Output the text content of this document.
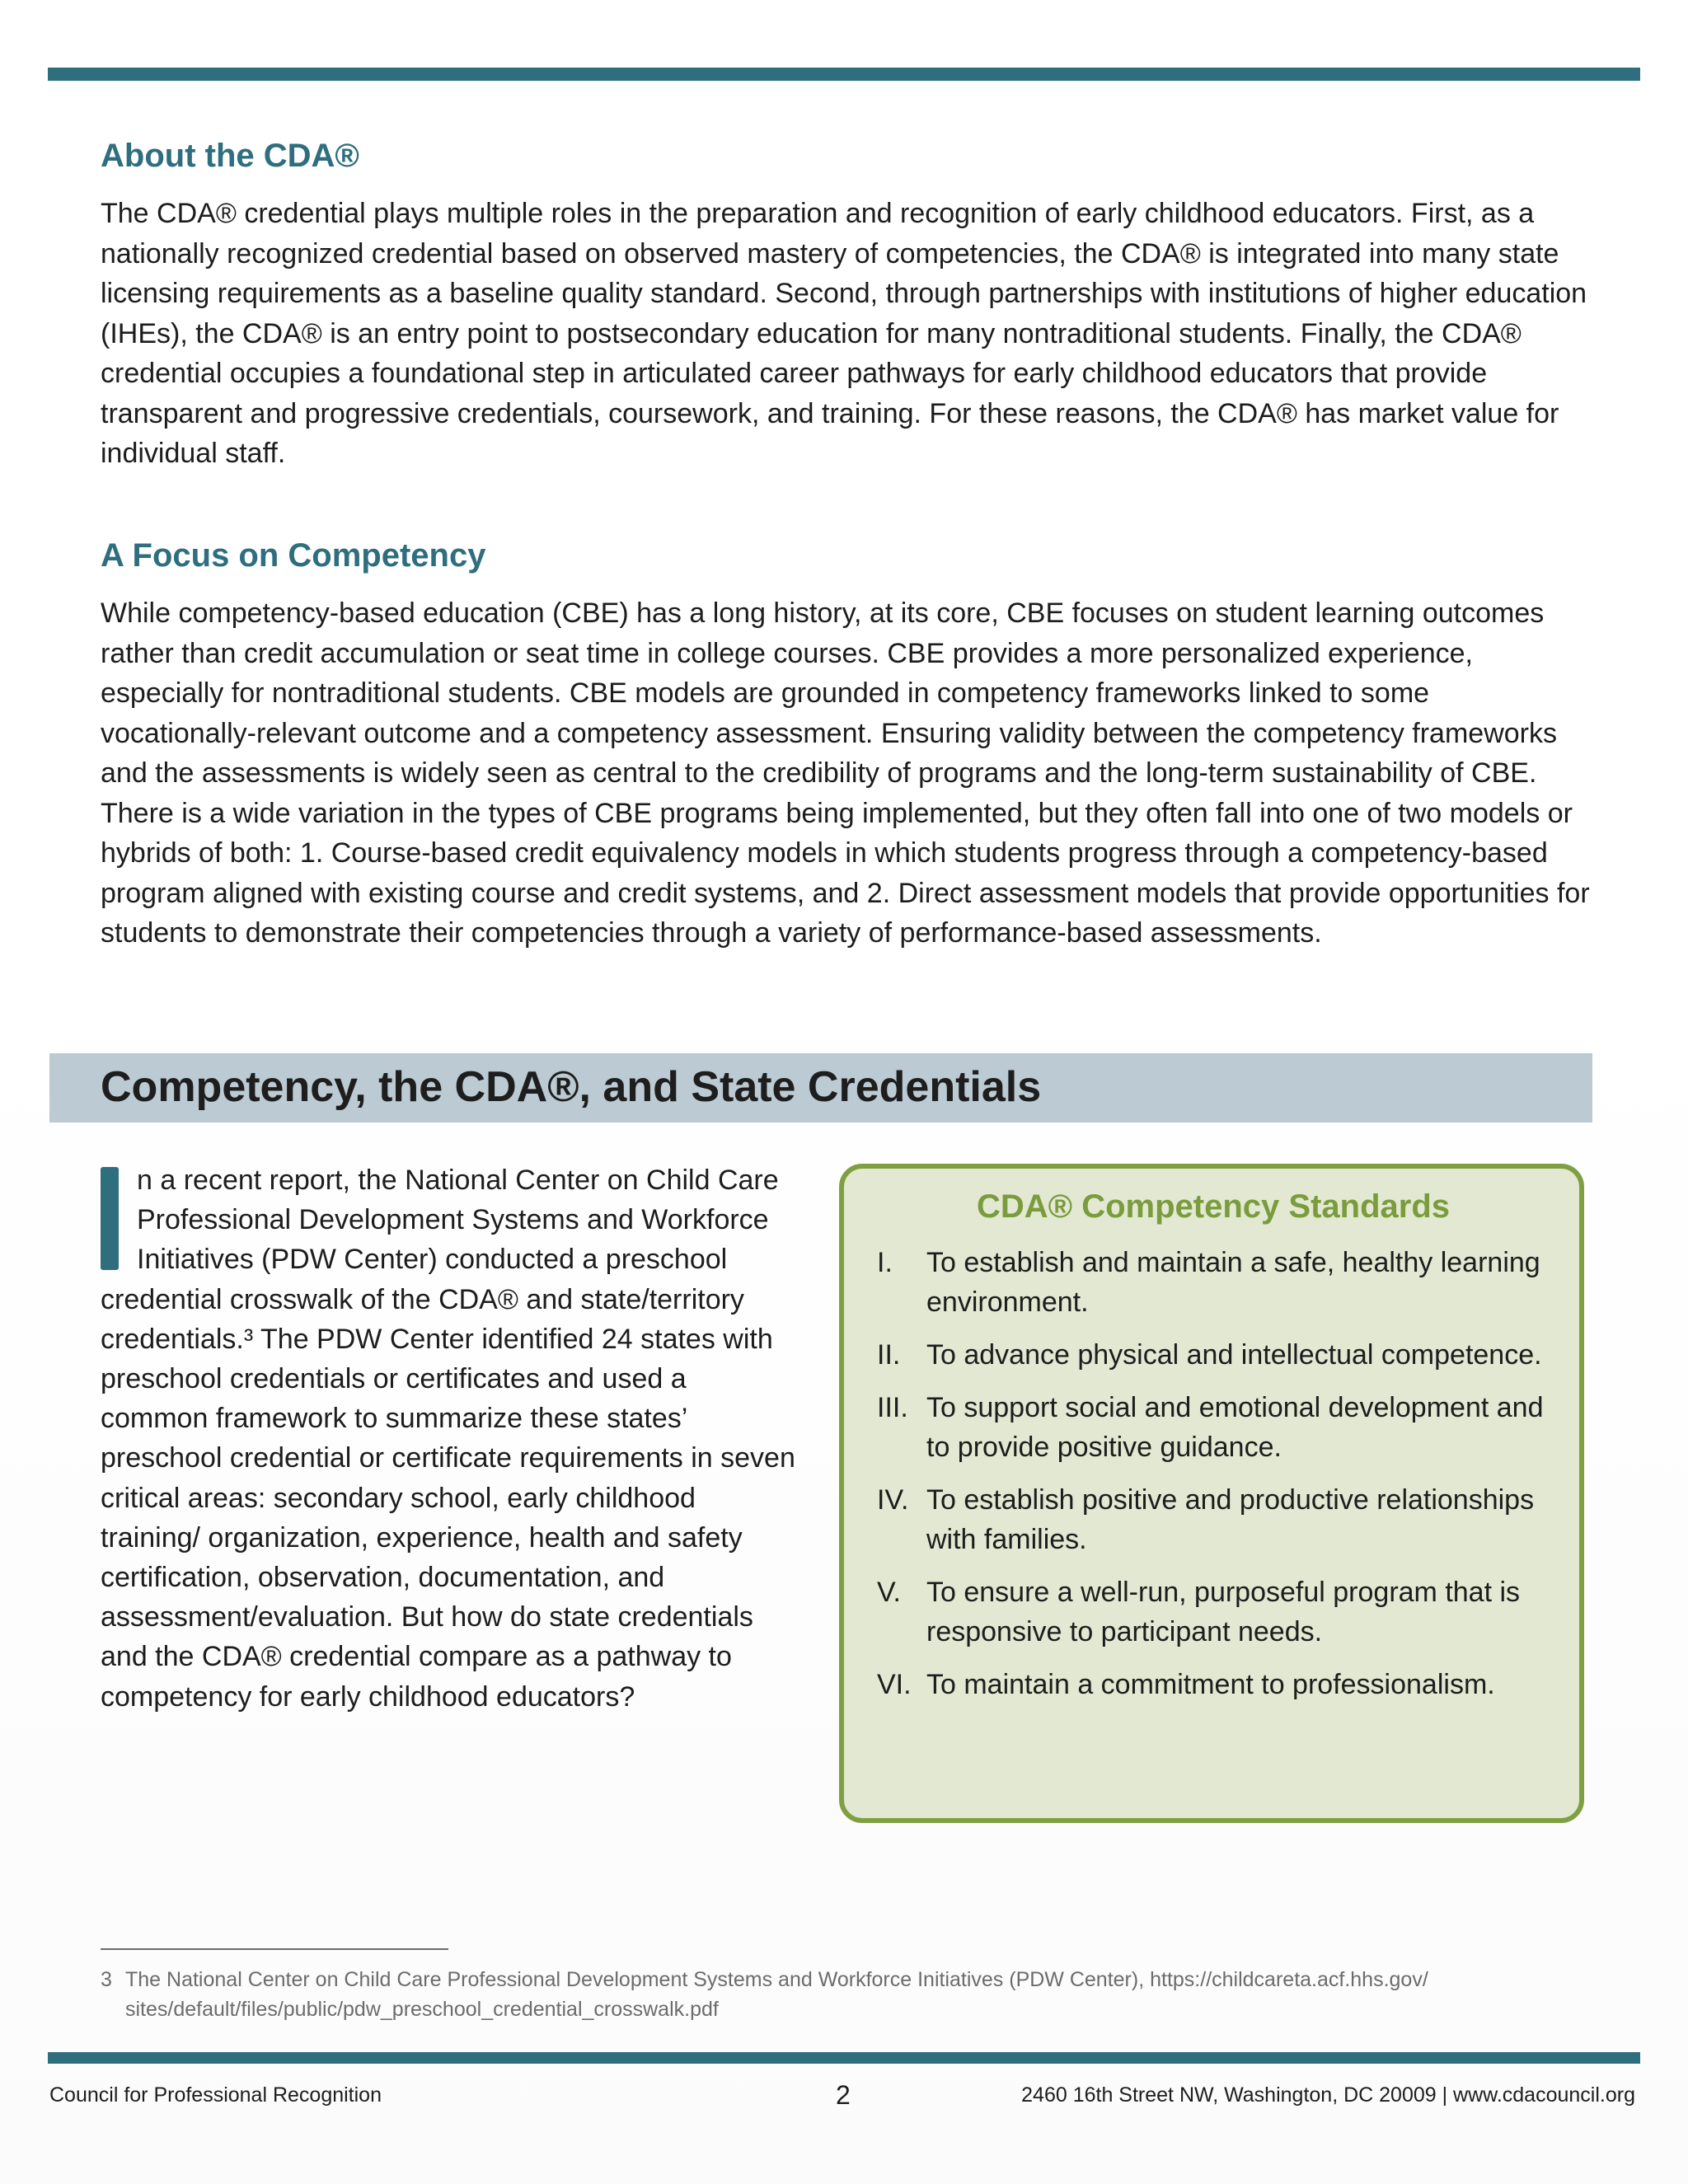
About the CDA®

The CDA® credential plays multiple roles in the preparation and recognition of early childhood educators. First, as a nationally recognized credential based on observed mastery of competencies, the CDA® is integrated into many state licensing requirements as a baseline quality standard. Second, through partnerships with institutions of higher education (IHEs), the CDA® is an entry point to postsecondary education for many nontraditional students. Finally, the CDA® credential occupies a foundational step in articulated career pathways for early childhood educators that provide transparent and progressive credentials, coursework, and training. For these reasons, the CDA® has market value for individual staff.

A Focus on Competency

While competency-based education (CBE) has a long history, at its core, CBE focuses on student learning outcomes rather than credit accumulation or seat time in college courses. CBE provides a more personalized experience, especially for nontraditional students. CBE models are grounded in competency frameworks linked to some vocationally-relevant outcome and a competency assessment. Ensuring validity between the competency frameworks and the assessments is widely seen as central to the credibility of programs and the long-term sustainability of CBE. There is a wide variation in the types of CBE programs being implemented, but they often fall into one of two models or hybrids of both: 1. Course-based credit equivalency models in which students progress through a competency-based program aligned with existing course and credit systems, and 2. Direct assessment models that provide opportunities for students to demonstrate their competencies through a variety of performance-based assessments.

Competency, the CDA®, and State Credentials
n a recent report, the National Center on Child Care Professional Development Systems and Workforce Initiatives (PDW Center) conducted a preschool credential crosswalk of the CDA® and state/territory credentials.³ The PDW Center identified 24 states with preschool credentials or certificates and used a common framework to summarize these states’ preschool credential or certificate requirements in seven critical areas: secondary school, early childhood training/ organization, experience, health and safety certification, observation, documentation, and assessment/evaluation. But how do state credentials and the CDA® credential compare as a pathway to competency for early childhood educators?
CDA® Competency Standards
I.	To establish and maintain a safe, healthy learning environment.
II. To advance physical and intellectual competence.
III. To support social and emotional development and to provide positive guidance.
IV. To establish positive and productive relationships with families.
V. To ensure a well-run, purposeful program that is responsive to participant needs.
VI. To maintain a commitment to professionalism.
3 The National Center on Child Care Professional Development Systems and Workforce Initiatives (PDW Center), https://childcareta.acf.hhs.gov/ sites/default/files/public/pdw_preschool_credential_crosswalk.pdf
Council for Professional Recognition	2	2460 16th Street NW, Washington, DC 20009 | www.cdacouncil.org
